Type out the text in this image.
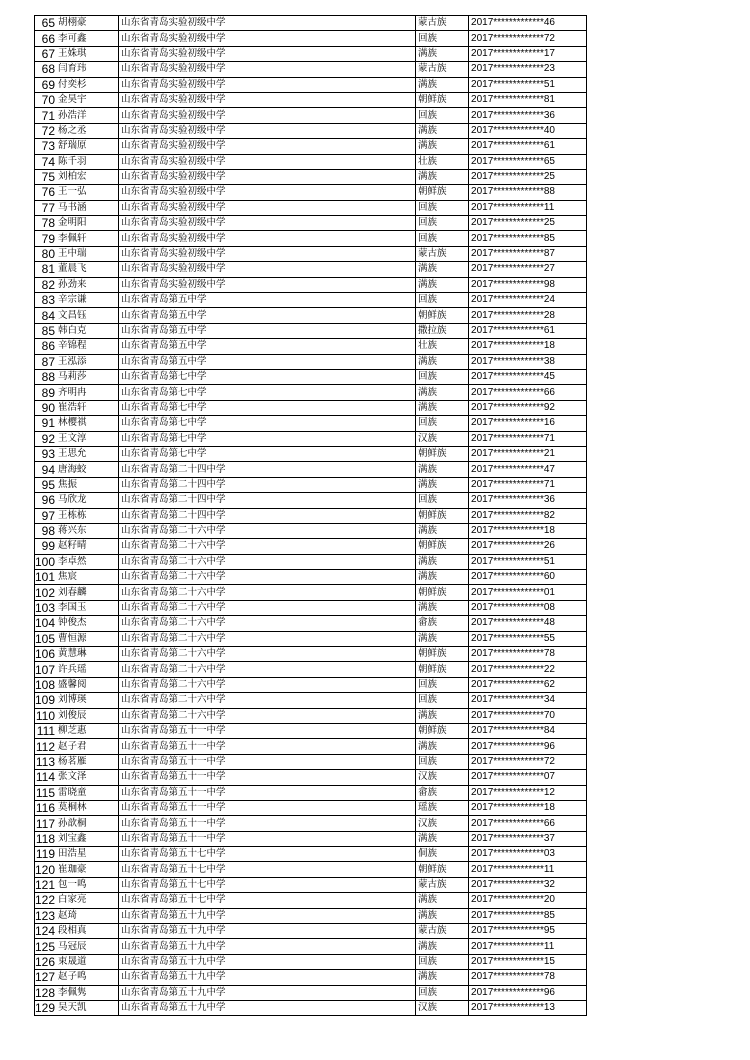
65	胡栩豪	山东省青岛实验初级中学	蒙古族	2017*************46
66	李可鑫	山东省青岛实验初级中学	回族	2017*************72
67	王姝琪	山东省青岛实验初级中学	满族	2017*************17
68	闫育玮	山东省青岛实验初级中学	蒙古族	2017*************23
69	付奕杉	山东省青岛实验初级中学	满族	2017*************51
70	金昊宇	山东省青岛实验初级中学	朝鲜族	2017*************81
71	孙浩洋	山东省青岛实验初级中学	回族	2017*************36
72	杨之丞	山东省青岛实验初级中学	满族	2017*************40
73	舒瑞原	山东省青岛实验初级中学	满族	2017*************61
74	陈千羽	山东省青岛实验初级中学	壮族	2017*************65
75	刘柏宏	山东省青岛实验初级中学	满族	2017*************25
76	王一弘	山东省青岛实验初级中学	朝鲜族	2017*************88
77	马书涵	山东省青岛实验初级中学	回族	2017*************11
78	金明阳	山东省青岛实验初级中学	回族	2017*************25
79	李佩轩	山东省青岛实验初级中学	回族	2017*************85
80	王中瑞	山东省青岛实验初级中学	蒙古族	2017*************87
81	董晨飞	山东省青岛实验初级中学	满族	2017*************27
82	孙劲来	山东省青岛实验初级中学	满族	2017*************98
83	辛宗谦	山东省青岛第五中学	回族	2017*************24
84	文昌钰	山东省青岛第五中学	朝鲜族	2017*************28
85	韩白克	山东省青岛第五中学	撒拉族	2017*************61
86	辛锦程	山东省青岛第五中学	壮族	2017*************18
87	王泓添	山东省青岛第五中学	满族	2017*************38
88	马莉莎	山东省青岛第七中学	回族	2017*************45
89	齐明冉	山东省青岛第七中学	满族	2017*************66
90	崔浩轩	山东省青岛第七中学	满族	2017*************92
91	林樱祺	山东省青岛第七中学	回族	2017*************16
92	王文淳	山东省青岛第七中学	汉族	2017*************71
93	王思允	山东省青岛第七中学	朝鲜族	2017*************21
94	唐海蛟	山东省青岛第二十四中学	满族	2017*************47
95	焦振	山东省青岛第二十四中学	满族	2017*************71
96	马欣龙	山东省青岛第二十四中学	回族	2017*************36
97	王栋栋	山东省青岛第二十四中学	朝鲜族	2017*************82
98	蒋兴东	山东省青岛第二十六中学	满族	2017*************18
99	赵籽晴	山东省青岛第二十六中学	朝鲜族	2017*************26
100	李卓然	山东省青岛第二十六中学	满族	2017*************51
101	焦宸	山东省青岛第二十六中学	满族	2017*************60
102	刘春麟	山东省青岛第二十六中学	朝鲜族	2017*************01
103	李国玉	山东省青岛第二十六中学	满族	2017*************08
104	钟俊杰	山东省青岛第二十六中学	畲族	2017*************48
105	曹恒源	山东省青岛第二十六中学	满族	2017*************55
106	黄慧琳	山东省青岛第二十六中学	朝鲜族	2017*************78
107	许兵瑶	山东省青岛第二十六中学	朝鲜族	2017*************22
108	盛馨阅	山东省青岛第二十六中学	回族	2017*************62
109	刘博瑛	山东省青岛第二十六中学	回族	2017*************34
110	刘俊辰	山东省青岛第二十六中学	满族	2017*************70
111	柳芝惠	山东省青岛第五十一中学	朝鲜族	2017*************84
112	赵子君	山东省青岛第五十一中学	满族	2017*************96
113	杨茗雁	山东省青岛第五十一中学	回族	2017*************72
114	张文泽	山东省青岛第五十一中学	汉族	2017*************07
115	雷晓童	山东省青岛第五十一中学	畲族	2017*************12
116	莫桐林	山东省青岛第五十一中学	瑶族	2017*************18
117	孙歆桐	山东省青岛第五十一中学	汉族	2017*************66
118	刘宝鑫	山东省青岛第五十一中学	满族	2017*************37
119	田浩星	山东省青岛第五十七中学	侗族	2017*************03
120	崔珈豪	山东省青岛第五十七中学	朝鲜族	2017*************11
121	包一鸣	山东省青岛第五十七中学	蒙古族	2017*************32
122	白家亮	山东省青岛第五十七中学	满族	2017*************20
123	赵琦	山东省青岛第五十九中学	满族	2017*************85
124	段相真	山东省青岛第五十九中学	蒙古族	2017*************95
125	马冠辰	山东省青岛第五十九中学	满族	2017*************11
126	束晟道	山东省青岛第五十九中学	回族	2017*************15
127	赵子鸣	山东省青岛第五十九中学	满族	2017*************78
128	李佩隽	山东省青岛第五十九中学	回族	2017*************96
129	吴天凯	山东省青岛第五十九中学	汉族	2017*************13
